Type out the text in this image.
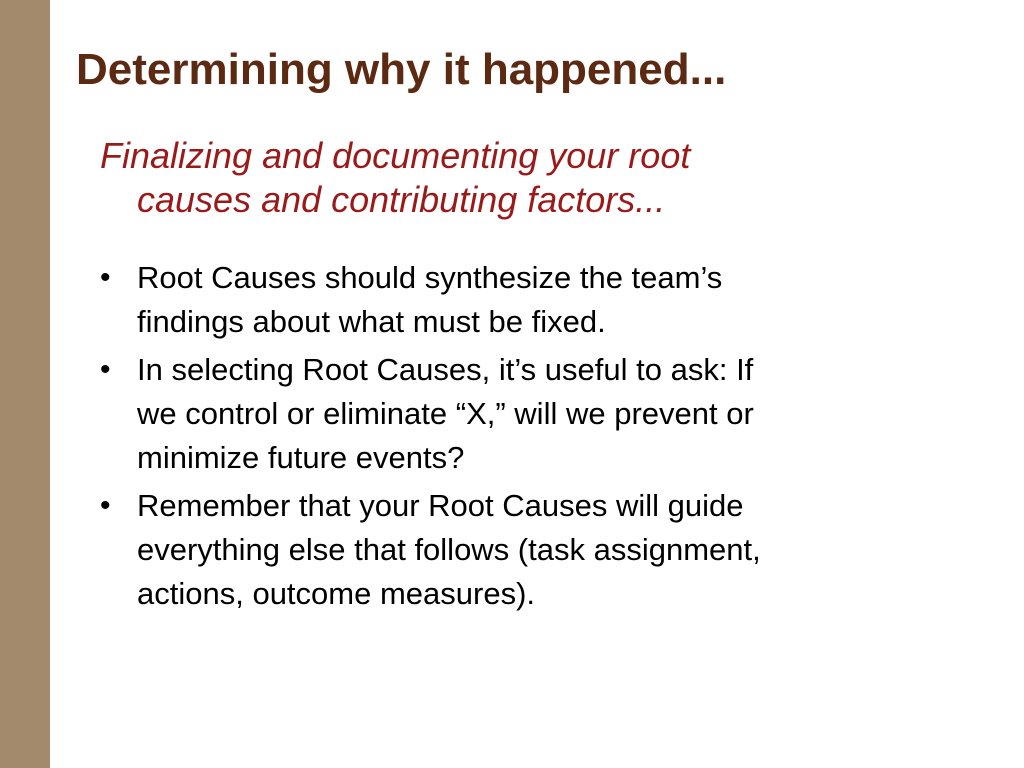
Determining why it happened...
Finalizing and documenting your root
causes and contributing factors...
• Root Causes should synthesize the team’s
findings about what must be fixed.
• In selecting Root Causes, it’s useful to ask: If
we control or eliminate “X,” will we prevent or
minimize future events?
• Remember that your Root Causes will guide
everything else that follows (task assignment,
actions, outcome measures).
